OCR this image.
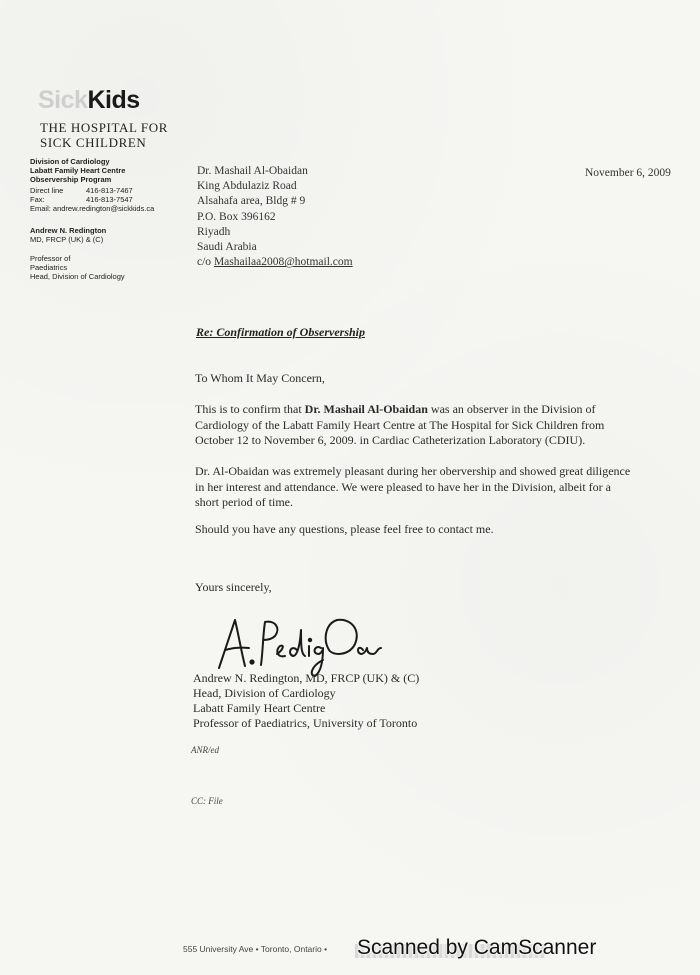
SickKids
THE HOSPITAL FOR
SICK CHILDREN
Division of Cardiology
Labatt Family Heart Centre
Observership Program
Direct line	416-813-7467
Fax:	416-813-7547
Email: andrew.redington@sickkids.ca
Andrew N. Redington
MD, FRCP (UK) & (C)
Professor of
Paediatrics
Head, Division of Cardiology
Dr. Mashail Al-Obaidan
King Abdulaziz Road
Alsahafa area, Bldg # 9
P.O. Box 396162
Riyadh
Saudi Arabia
c/o Mashailaa2008@hotmail.com
November 6, 2009
Re: Confirmation of Observership
To Whom It May Concern,
This is to confirm that Dr. Mashail Al-Obaidan was an observer in the Division of
Cardiology of the Labatt Family Heart Centre at The Hospital for Sick Children from
October 12 to November 6, 2009. in Cardiac Catheterization Laboratory (CDIU).
Dr. Al-Obaidan was extremely pleasant during her obervership and showed great diligence
in her interest and attendance. We were pleased to have her in the Division, albeit for a
short period of time.
Should you have any questions, please feel free to contact me.
Yours sincerely,
Andrew N. Redington, MD, FRCP (UK) & (C)
Head, Division of Cardiology
Labatt Family Heart Centre
Professor of Paediatrics, University of Toronto
ANR/ed
CC: File
555 University Ave • Toronto, Ontario • Scanned by CamScanner
